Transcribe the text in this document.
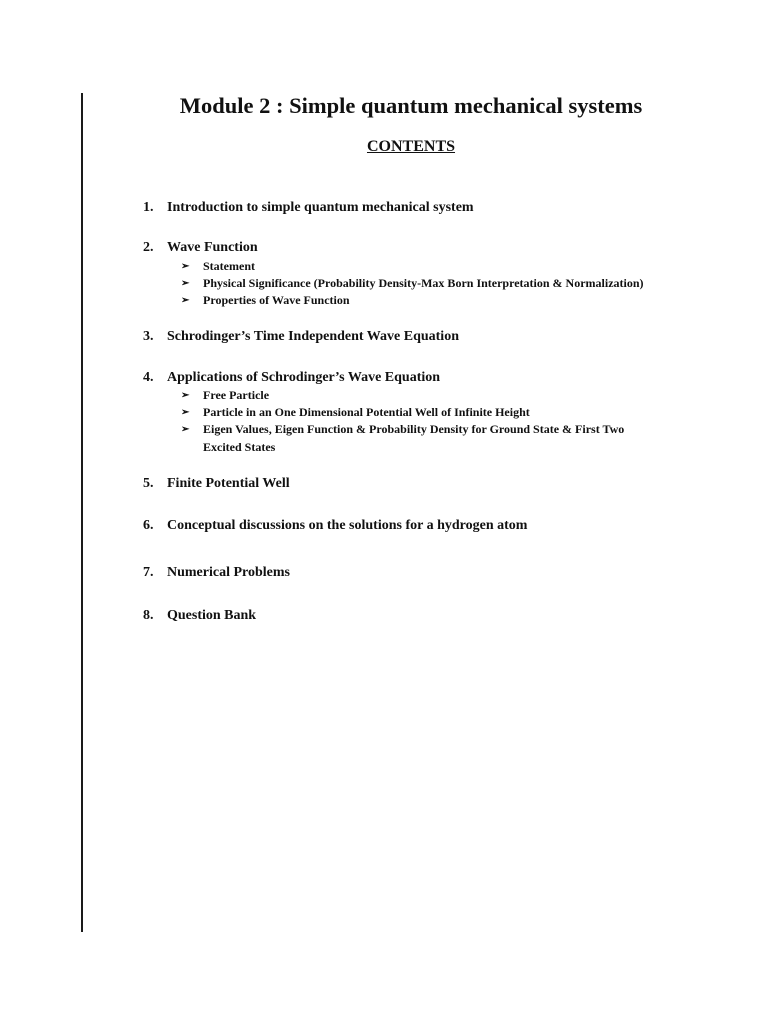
Module 2 : Simple quantum mechanical systems
CONTENTS
1. Introduction to simple quantum mechanical system
2. Wave Function
➢ Statement
➢ Physical Significance (Probability Density-Max Born Interpretation & Normalization)
➢ Properties of Wave Function
3. Schrodinger’s Time Independent Wave Equation
4. Applications of Schrodinger’s Wave Equation
➢ Free Particle
➢ Particle in an One Dimensional Potential Well of Infinite Height
➢ Eigen Values, Eigen Function & Probability Density for Ground State & First Two
Excited States
5. Finite Potential Well
6. Conceptual discussions on the solutions for a hydrogen atom
7. Numerical Problems
8. Question Bank
